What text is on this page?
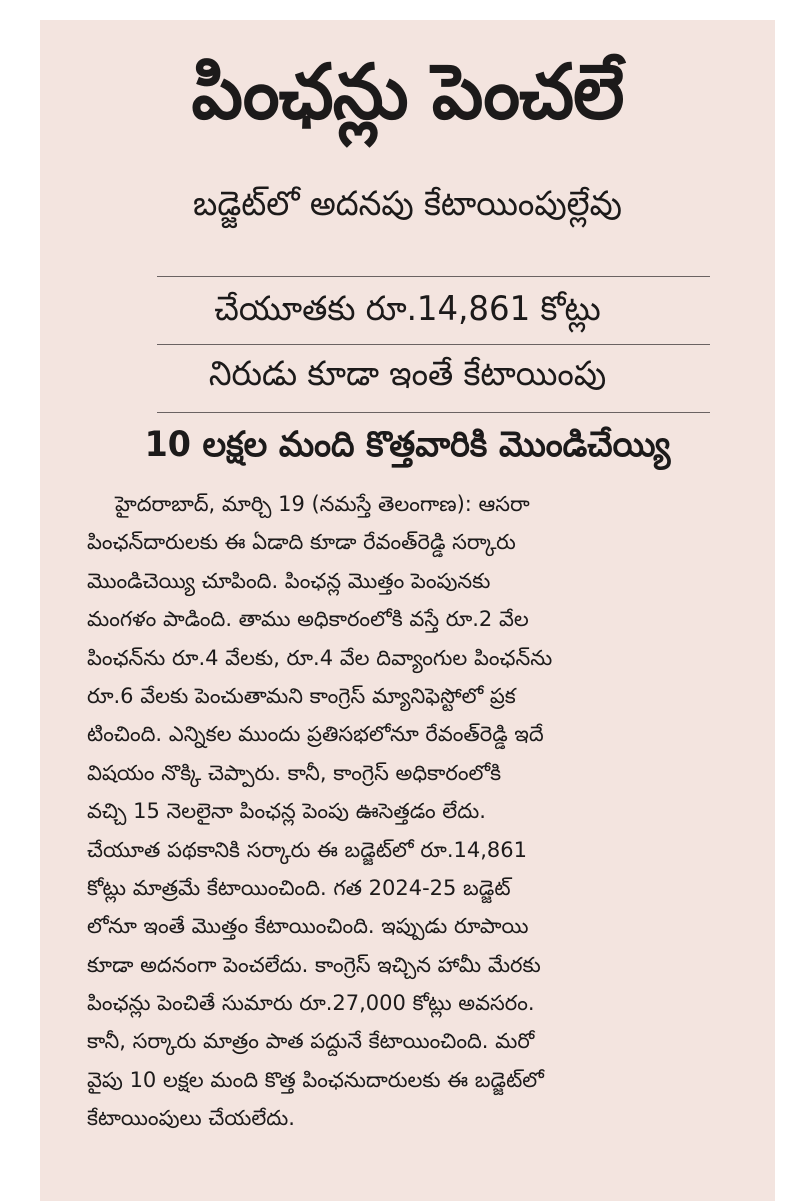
పింఛన్లు పెంచలే
బడ్జెట్‌లో అదనపు కేటాయింపుల్లేవు
చేయూతకు రూ.14,861 కోట్లు
నిరుడు కూడా ఇంతే కేటాయింపు
10 లక్షల మంది కొత్తవారికి మొండిచేయ్యి
హైదరాబాద్, మార్చి 19 (నమస్తే తెలంగాణ): ఆసరా
పింఛన్‌దారులకు ఈ ఏడాది కూడా రేవంత్‌రెడ్డి సర్కారు
మొండిచెయ్యి చూపింది. పింఛన్ల మొత్తం పెంపునకు
మంగళం పాడింది. తాము అధికారంలోకి వస్తే రూ.2 వేల
పింఛన్‌ను రూ.4 వేలకు, రూ.4 వేల దివ్యాంగుల పింఛన్‌ను
రూ.6 వేలకు పెంచుతామని కాంగ్రెస్ మ్యానిఫెస్టోలో ప్రక
టించింది. ఎన్నికల ముందు ప్రతిసభలోనూ రేవంత్‌రెడ్డి ఇదే
విషయం నొక్కి చెప్పారు. కానీ, కాంగ్రెస్ అధికారంలోకి
వచ్చి 15 నెలలైనా పింఛన్ల పెంపు ఊసెత్తడం లేదు.
చేయూత పథకానికి సర్కారు ఈ బడ్జెట్‌లో రూ.14,861
కోట్లు మాత్రమే కేటాయించింది. గత 2024-25 బడ్జెట్
లోనూ ఇంతే మొత్తం కేటాయించింది. ఇప్పుడు రూపాయి
కూడా అదనంగా పెంచలేదు. కాంగ్రెస్ ఇచ్చిన హామీ మేరకు
పింఛన్లు పెంచితే సుమారు రూ.27,000 కోట్లు అవసరం.
కానీ, సర్కారు మాత్రం పాత పద్దునే కేటాయించింది. మరో
వైపు 10 లక్షల మంది కొత్త పింఛనుదారులకు ఈ బడ్జెట్‌లో
కేటాయింపులు చేయలేదు.
